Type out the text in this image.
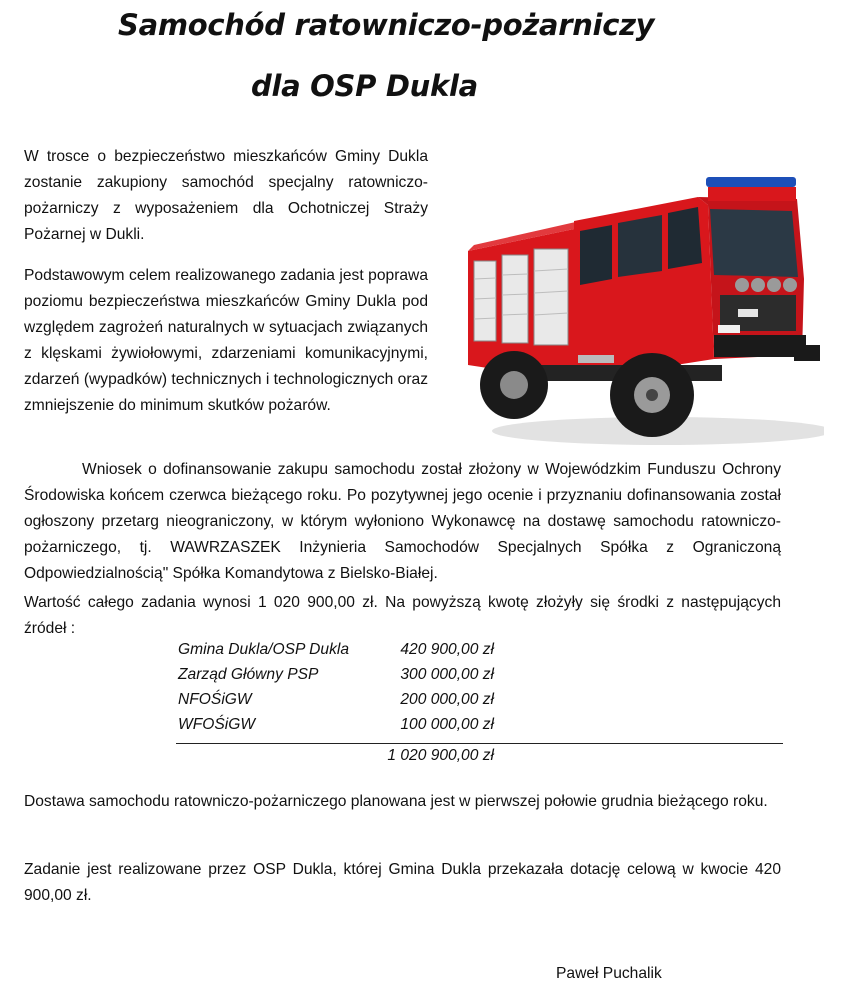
Samochód ratowniczo-pożarniczy
dla OSP Dukla
W trosce o bezpieczeństwo mieszkańców Gminy Dukla zostanie zakupiony samochód specjalny ratowniczo-pożarniczy z wyposażeniem dla Ochotniczej Straży Pożarnej w Dukli.
Podstawowym celem realizowanego zadania jest poprawa poziomu bezpieczeństwa mieszkańców Gminy Dukla pod względem zagrożeń naturalnych w sytuacjach związanych z klęskami żywiołowymi, zdarzeniami komunikacyjnymi, zdarzeń (wypadków) technicznych i technologicznych oraz zmniejszenie do minimum skutków pożarów.
Wniosek o dofinansowanie zakupu samochodu został złożony w Wojewódzkim Funduszu Ochrony Środowiska końcem czerwca bieżącego roku. Po pozytywnej jego ocenie i przyznaniu dofinansowania został ogłoszony przetarg nieograniczony, w którym wyłoniono Wykonawcę na dostawę samochodu ratowniczo-pożarniczego, tj. WAWRZASZEK Inżynieria Samochodów Specjalnych Spółka z Ograniczoną Odpowiedzialnością" Spółka Komandytowa z Bielsko-Białej.
Wartość całego zadania wynosi 1 020 900,00 zł. Na powyższą kwotę złożyły się środki z następujących źródeł :
Gmina Dukla/OSP Dukla	420 900,00 zł
Zarząd Główny PSP	300 000,00 zł
NFOŚiGW	200 000,00 zł
WFOŚiGW	100 000,00 zł
1 020 900,00 zł
Dostawa samochodu ratowniczo-pożarniczego planowana jest w pierwszej połowie grudnia bieżącego roku.
Zadanie jest realizowane przez OSP Dukla, której Gmina Dukla przekazała dotację celową w kwocie 420 900,00 zł.
Paweł Puchalik
